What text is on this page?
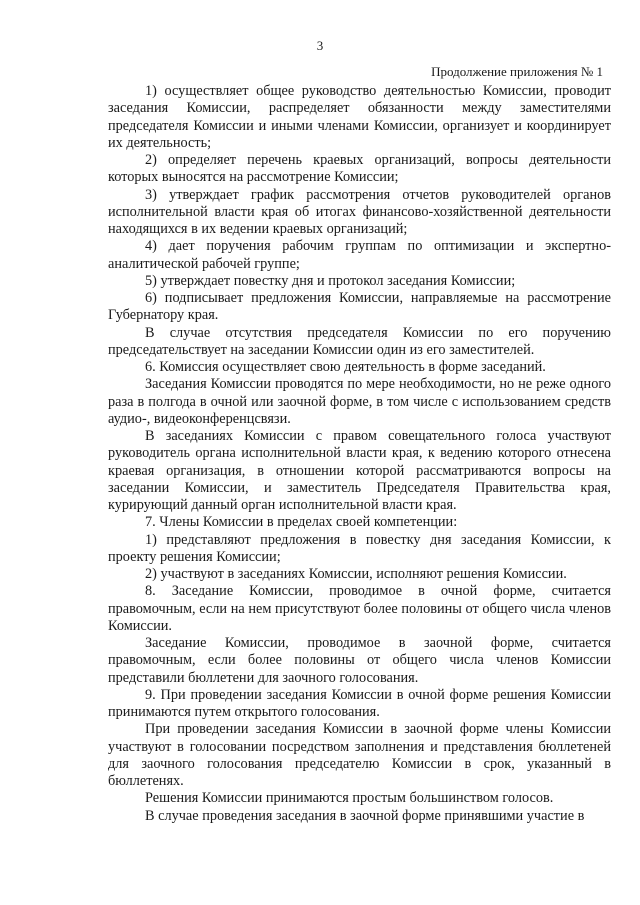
3
Продолжение приложения № 1

1) осуществляет общее руководство деятельностью Комиссии, проводит заседания Комиссии, распределяет обязанности между заместителями председателя Комиссии и иными членами Комиссии, организует и координирует их деятельность;

2) определяет перечень краевых организаций, вопросы деятельности которых выносятся на рассмотрение Комиссии;

3) утверждает график рассмотрения отчетов руководителей органов исполнительной власти края об итогах финансово-хозяйственной деятельности находящихся в их ведении краевых организаций;

4) дает поручения рабочим группам по оптимизации и экспертно-аналитической рабочей группе;

5) утверждает повестку дня и протокол заседания Комиссии;

6) подписывает предложения Комиссии, направляемые на рассмотрение Губернатору края.

В случае отсутствия председателя Комиссии по его поручению председательствует на заседании Комиссии один из его заместителей.

6. Комиссия осуществляет свою деятельность в форме заседаний.

Заседания Комиссии проводятся по мере необходимости, но не реже одного раза в полгода в очной или заочной форме, в том числе с использованием средств аудио-, видеоконференцсвязи.

В заседаниях Комиссии с правом совещательного голоса участвуют руководитель органа исполнительной власти края, к ведению которого отнесена краевая организация, в отношении которой рассматриваются вопросы на заседании Комиссии, и заместитель Председателя Правительства края, курирующий данный орган исполнительной власти края.

7. Члены Комиссии в пределах своей компетенции:

1) представляют предложения в повестку дня заседания Комиссии, к проекту решения Комиссии;

2) участвуют в заседаниях Комиссии, исполняют решения Комиссии.

8. Заседание Комиссии, проводимое в очной форме, считается правомочным, если на нем присутствуют более половины от общего числа членов Комиссии.

Заседание Комиссии, проводимое в заочной форме, считается правомочным, если более половины от общего числа членов Комиссии представили бюллетени для заочного голосования.

9. При проведении заседания Комиссии в очной форме решения Комиссии принимаются путем открытого голосования.

При проведении заседания Комиссии в заочной форме члены Комиссии участвуют в голосовании посредством заполнения и представления бюллетеней для заочного голосования председателю Комиссии в срок, указанный в бюллетенях.

Решения Комиссии принимаются простым большинством голосов.

В случае проведения заседания в заочной форме принявшими участие в
